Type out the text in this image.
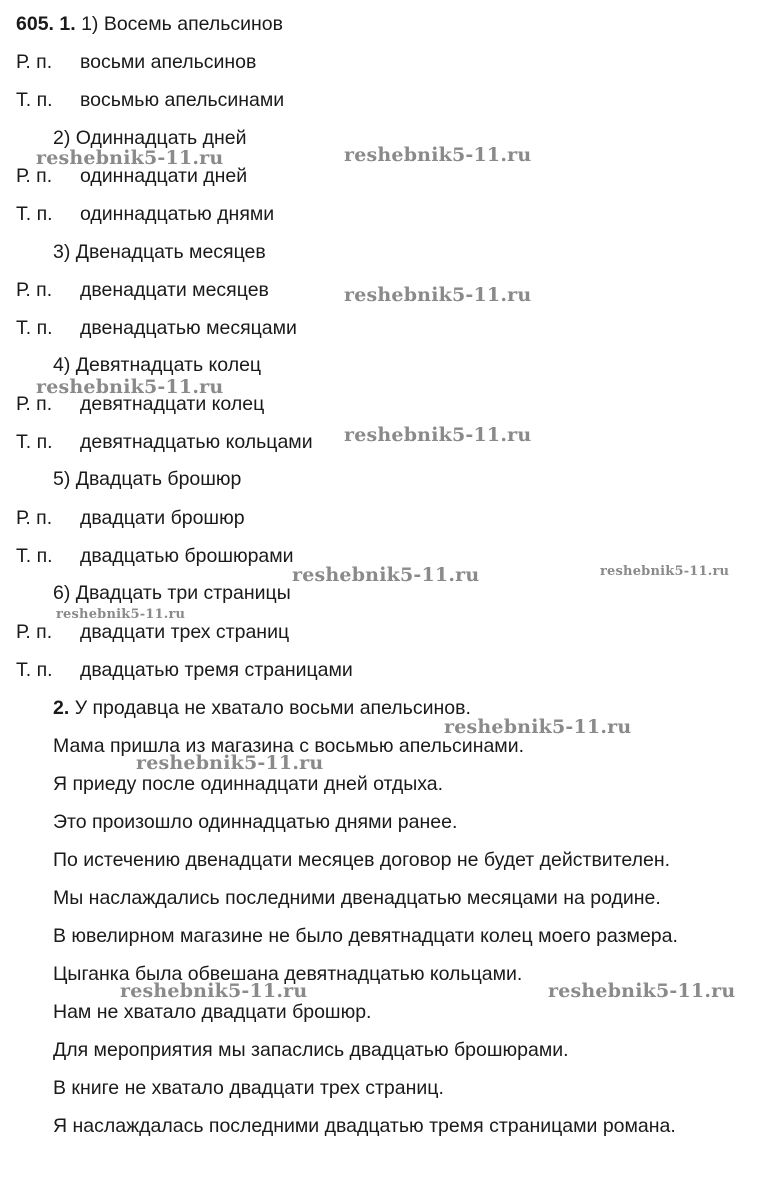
605. 1. 1) Восемь апельсинов
Р. п. восьми апельсинов
Т. п. восьмью апельсинами
2) Одиннадцать дней
Р. п. одиннадцати дней
Т. п. одиннадцатью днями
3) Двенадцать месяцев
Р. п. двенадцати месяцев
Т. п. двенадцатью месяцами
4) Девятнадцать колец
Р. п. девятнадцати колец
Т. п. девятнадцатью кольцами
5) Двадцать брошюр
Р. п. двадцати брошюр
Т. п. двадцатью брошюрами
6) Двадцать три страницы
Р. п. двадцати трех страниц
Т. п. двадцатью тремя страницами
2. У продавца не хватало восьми апельсинов.
Мама пришла из магазина с восьмью апельсинами.
Я приеду после одиннадцати дней отдыха.
Это произошло одиннадцатью днями ранее.
По истечению двенадцати месяцев договор не будет действителен.
Мы наслаждались последними двенадцатью месяцами на родине.
В ювелирном магазине не было девятнадцати колец моего размера.
Цыганка была обвешана девятнадцатью кольцами.
Нам не хватало двадцати брошюр.
Для мероприятия мы запаслись двадцатью брошюрами.
В книге не хватало двадцати трех страниц.
Я наслаждалась последними двадцатью тремя страницами романа.
reshebnik5-11.ru	reshebnik5-11.ru
reshebnik5-11.ru
reshebnik5-11.ru
reshebnik5-11.ru
reshebnik5-11.ru	reshebnik5-11.ru
reshebnik5-11.ru
reshebnik5-11.ru
reshebnik5-11.ru
reshebnik5-11.ru	reshebnik5-11.ru
